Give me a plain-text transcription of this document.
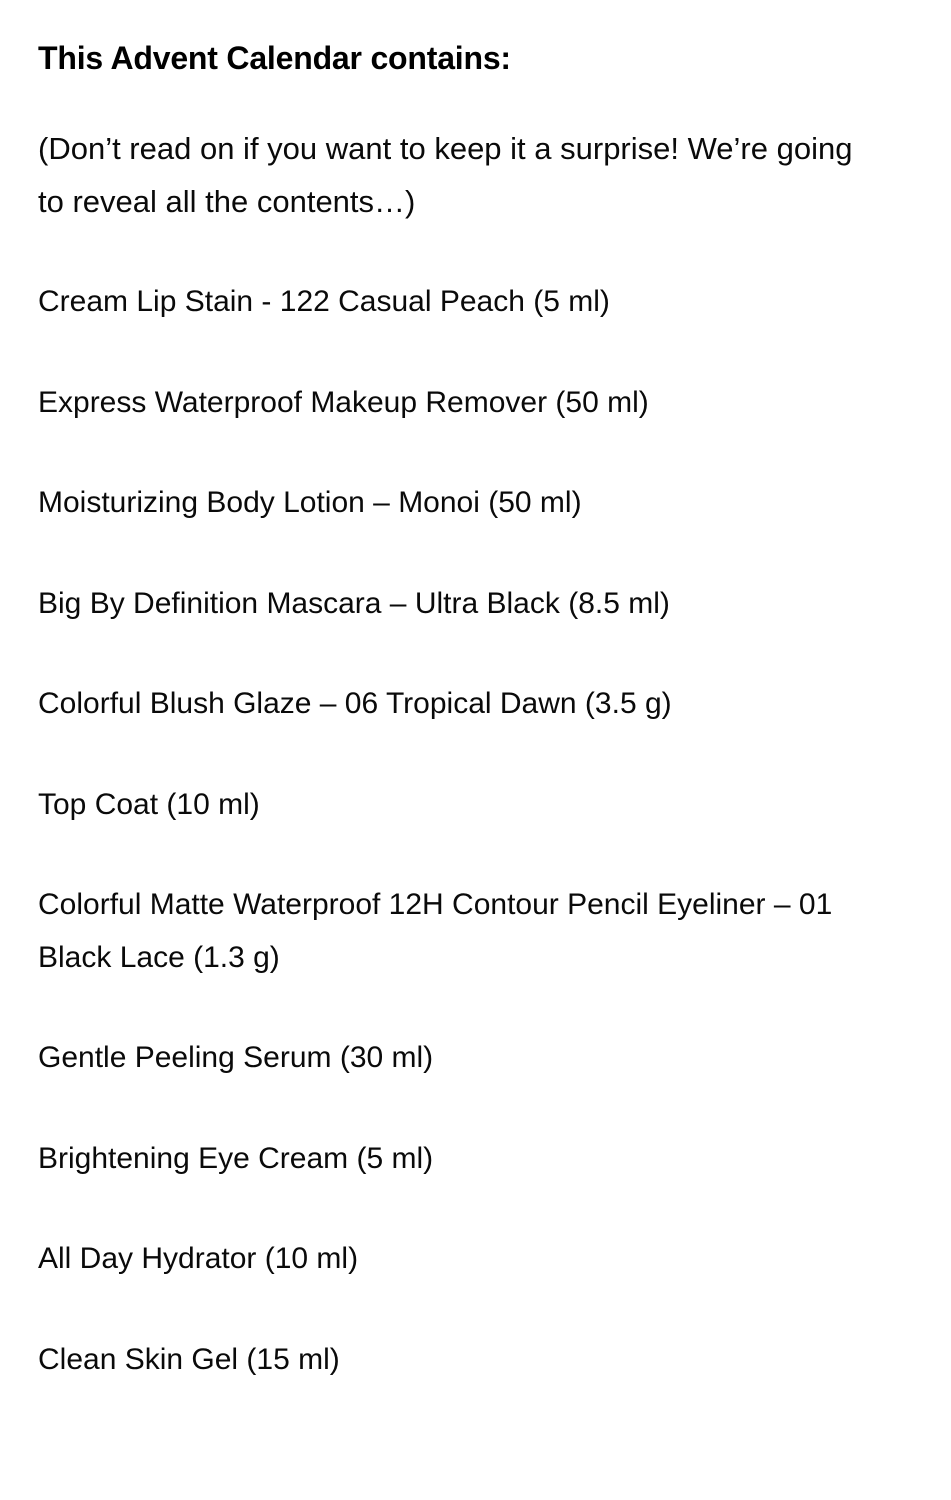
This Advent Calendar contains:

(Don’t read on if you want to keep it a surprise! We’re going to reveal all the contents…)

Cream Lip Stain - 122 Casual Peach (5 ml)

Express Waterproof Makeup Remover (50 ml)

Moisturizing Body Lotion – Monoi (50 ml)

Big By Definition Mascara – Ultra Black (8.5 ml)

Colorful Blush Glaze – 06 Tropical Dawn (3.5 g)

Top Coat (10 ml)

Colorful Matte Waterproof 12H Contour Pencil Eyeliner – 01 Black Lace (1.3 g)

Gentle Peeling Serum (30 ml)

Brightening Eye Cream (5 ml)

All Day Hydrator (10 ml)

Clean Skin Gel (15 ml)
